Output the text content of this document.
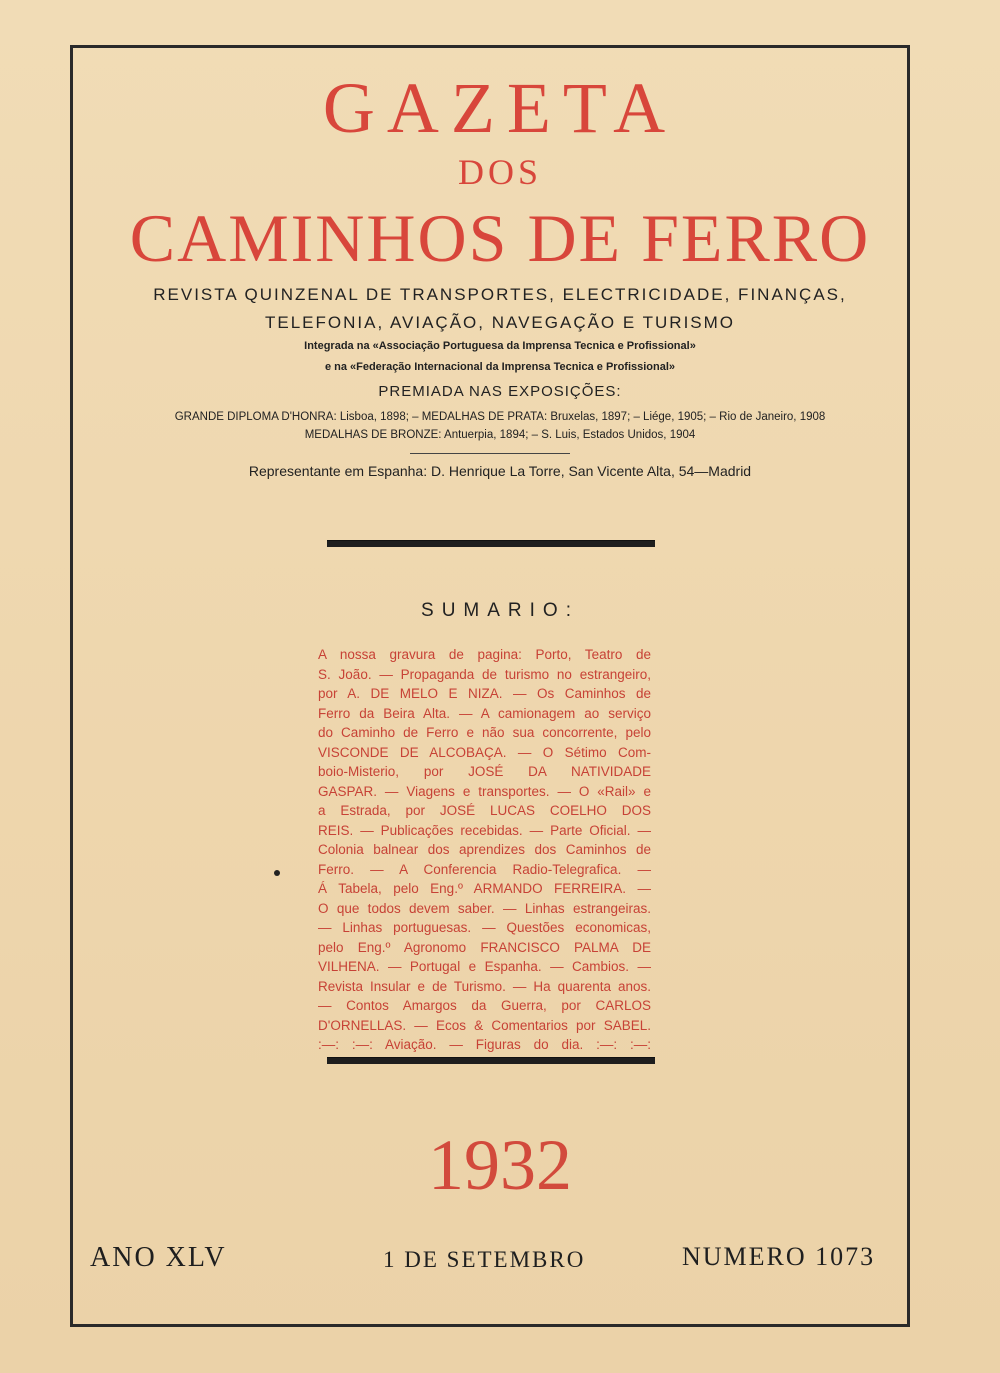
GAZETA
DOS
CAMINHOS DE FERRO
REVISTA QUINZENAL DE TRANSPORTES, ELECTRICIDADE, FINANÇAS,
TELEFONIA, AVIAÇÃO, NAVEGAÇÃO E TURISMO
Integrada na «Associação Portuguesa da Imprensa Tecnica e Profissional»
e na «Federação Internacional da Imprensa Tecnica e Profissional»
PREMIADA NAS EXPOSIÇÕES:
GRANDE DIPLOMA D'HONRA: Lisboa, 1898; – MEDALHAS DE PRATA: Bruxelas, 1897; – Liége, 1905; – Rio de Janeiro, 1908
MEDALHAS DE BRONZE: Antuerpia, 1894; – S. Luis, Estados Unidos, 1904
Representante em Espanha: D. Henrique La Torre, San Vicente Alta, 54—Madrid
SUMARIO:
A nossa gravura de pagina: Porto, Teatro de
S. João. — Propaganda de turismo no estrangeiro,
por A. DE MELO E NIZA. — Os Caminhos de
Ferro da Beira Alta. — A camionagem ao serviço
do Caminho de Ferro e não sua concorrente, pelo
VISCONDE DE ALCOBAÇA. — O Sétimo Com-
boio-Misterio, por JOSÉ DA NATIVIDADE
GASPAR. — Viagens e transportes. — O «Rail» e
a Estrada, por JOSÉ LUCAS COELHO DOS
REIS. — Publicações recebidas. — Parte Oficial. —
Colonia balnear dos aprendizes dos Caminhos de
Ferro. — A Conferencia Radio-Telegrafica. —
Á Tabela, pelo Eng.º ARMANDO FERREIRA. —
O que todos devem saber. — Linhas estrangeiras.
— Linhas portuguesas. — Questões economicas,
pelo Eng.º Agronomo FRANCISCO PALMA DE
VILHENA. — Portugal e Espanha. — Cambios. —
Revista Insular e de Turismo. — Ha quarenta anos.
— Contos Amargos da Guerra, por CARLOS
D'ORNELLAS. — Ecos & Comentarios por SABEL.
:—: :—: Aviação. — Figuras do dia. :—: :—:
1932
ANO XLV	1 DE SETEMBRO	NUMERO 1073
